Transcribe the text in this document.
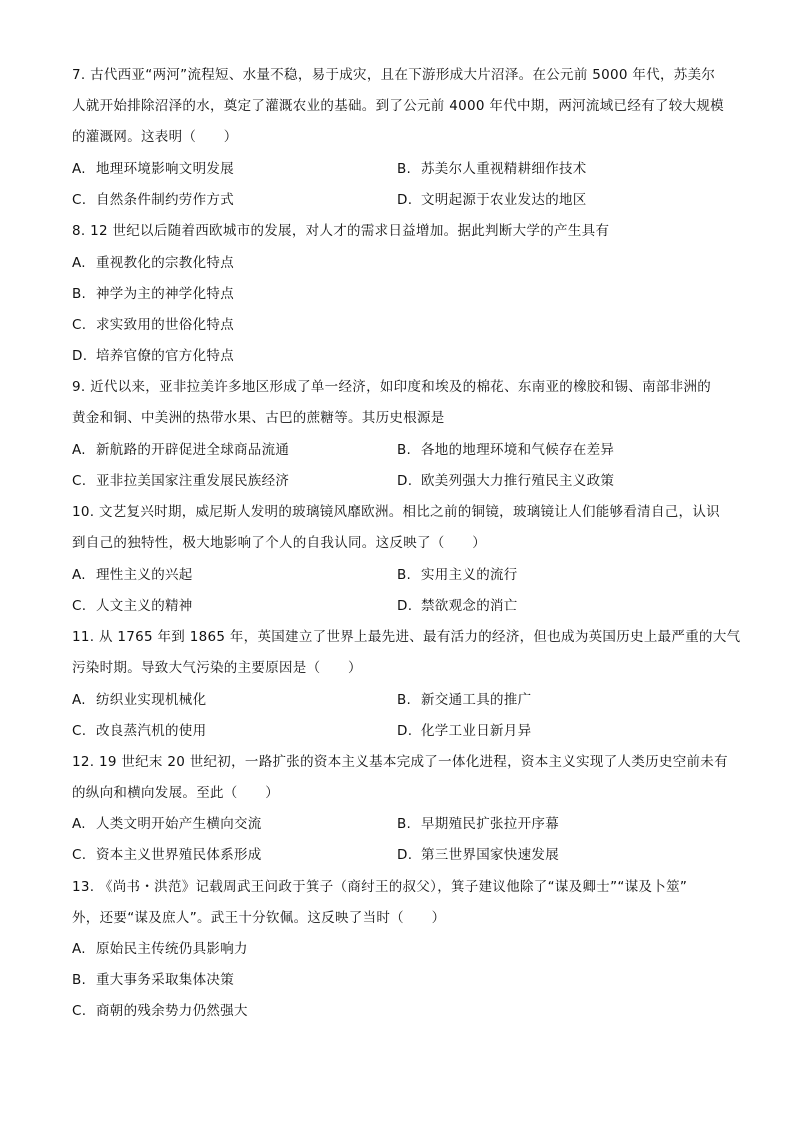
7. 古代西亚“两河”流程短、水量不稳，易于成灾，且在下游形成大片沼泽。在公元前 5000 年代，苏美尔
人就开始排除沼泽的水，奠定了灌溉农业的基础。到了公元前 4000 年代中期，两河流域已经有了较大规模
的灌溉网。这表明（　　）
A. 地理环境影响文明发展	B. 苏美尔人重视精耕细作技术
C. 自然条件制约劳作方式	D. 文明起源于农业发达的地区
8. 12 世纪以后随着西欧城市的发展，对人才的需求日益增加。据此判断大学的产生具有
A. 重视教化的宗教化特点
B. 神学为主的神学化特点
C. 求实致用的世俗化特点
D. 培养官僚的官方化特点
9. 近代以来，亚非拉美许多地区形成了单一经济，如印度和埃及的棉花、东南亚的橡胶和锡、南部非洲的
黄金和铜、中美洲的热带水果、古巴的蔗糖等。其历史根源是
A. 新航路的开辟促进全球商品流通	B. 各地的地理环境和气候存在差异
C. 亚非拉美国家注重发展民族经济	D. 欧美列强大力推行殖民主义政策
10. 文艺复兴时期，威尼斯人发明的玻璃镜风靡欧洲。相比之前的铜镜，玻璃镜让人们能够看清自己，认识
到自己的独特性，极大地影响了个人的自我认同。这反映了（　　）
A. 理性主义的兴起	B. 实用主义的流行
C. 人文主义的精神	D. 禁欲观念的消亡
11. 从 1765 年到 1865 年，英国建立了世界上最先进、最有活力的经济，但也成为英国历史上最严重的大气
污染时期。导致大气污染的主要原因是（　　）
A. 纺织业实现机械化	B. 新交通工具的推广
C. 改良蒸汽机的使用	D. 化学工业日新月异
12. 19 世纪末 20 世纪初，一路扩张的资本主义基本完成了一体化进程，资本主义实现了人类历史空前未有
的纵向和横向发展。至此（　　）
A. 人类文明开始产生横向交流	B. 早期殖民扩张拉开序幕
C. 资本主义世界殖民体系形成	D. 第三世界国家快速发展
13. 《尚书・洪范》记载周武王问政于箕子（商纣王的叔父），箕子建议他除了“谋及卿士”“谋及卜筮”
外，还要“谋及庶人”。武王十分钦佩。这反映了当时（　　）
A. 原始民主传统仍具影响力
B. 重大事务采取集体决策
C. 商朝的残余势力仍然强大
